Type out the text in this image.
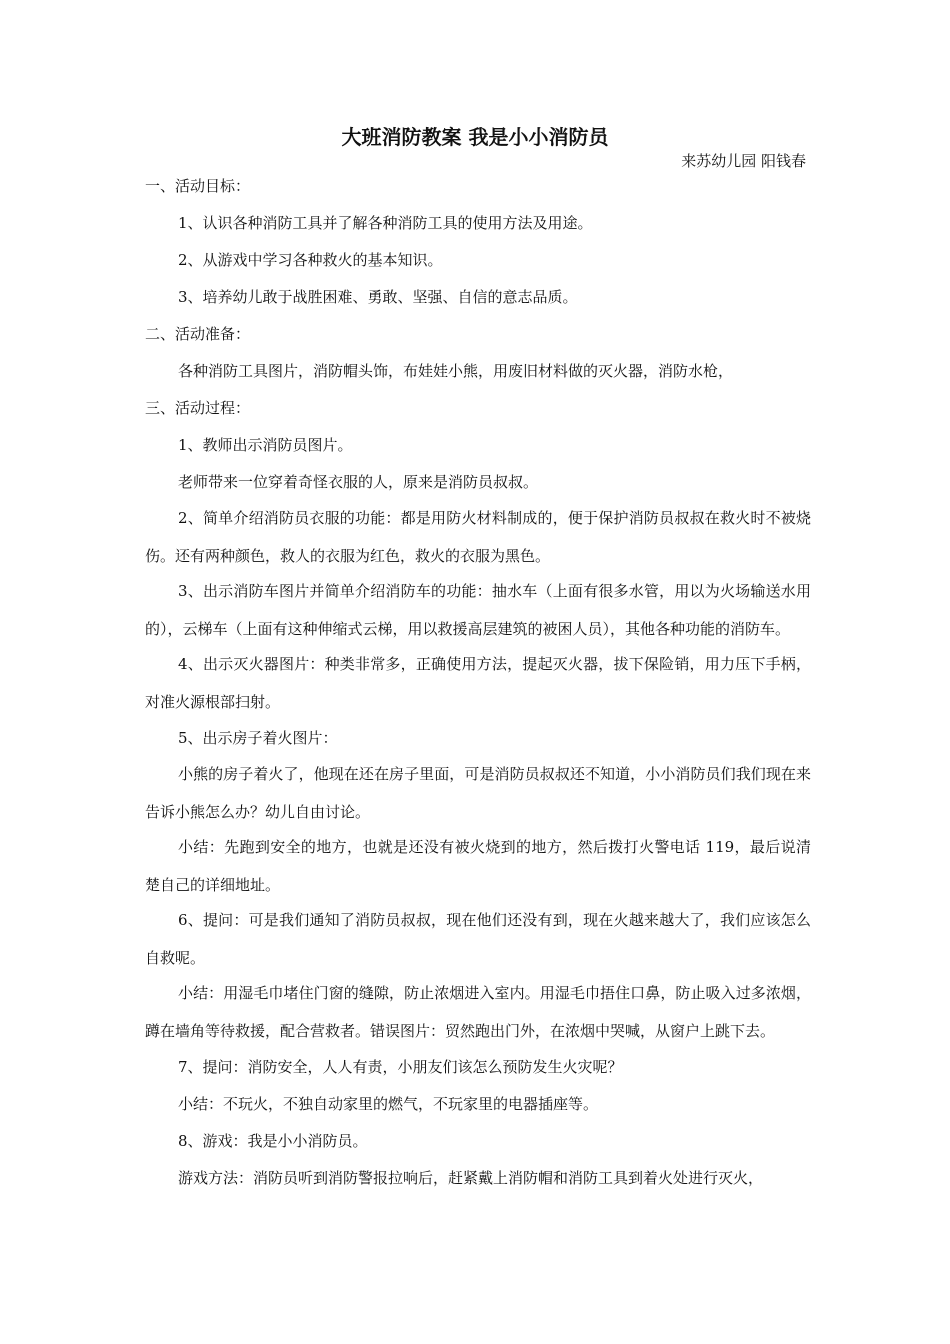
大班消防教案 我是小小消防员
来苏幼儿园 阳钱春

一、活动目标：

1、认识各种消防工具并了解各种消防工具的使用方法及用途。

2、从游戏中学习各种救火的基本知识。

3、培养幼儿敢于战胜困难、勇敢、坚强、自信的意志品质。

二、活动准备：

各种消防工具图片，消防帽头饰，布娃娃小熊，用废旧材料做的灭火器，消防水枪，

三、活动过程：

1、教师出示消防员图片。

老师带来一位穿着奇怪衣服的人，原来是消防员叔叔。

2、简单介绍消防员衣服的功能：都是用防火材料制成的，便于保护消防员叔叔在救火时不被烧伤。还有两种颜色，救人的衣服为红色，救火的衣服为黑色。

3、出示消防车图片并简单介绍消防车的功能：抽水车（上面有很多水管，用以为火场输送水用的），云梯车（上面有这种伸缩式云梯，用以救援高层建筑的被困人员），其他各种功能的消防车。

4、出示灭火器图片：种类非常多，正确使用方法，提起灭火器，拔下保险销，用力压下手柄，对准火源根部扫射。

5、出示房子着火图片：

小熊的房子着火了，他现在还在房子里面，可是消防员叔叔还不知道，小小消防员们我们现在来告诉小熊怎么办？幼儿自由讨论。

小结：先跑到安全的地方，也就是还没有被火烧到的地方，然后拨打火警电话 119，最后说清楚自己的详细地址。

6、提问：可是我们通知了消防员叔叔，现在他们还没有到，现在火越来越大了，我们应该怎么自救呢。

小结：用湿毛巾堵住门窗的缝隙，防止浓烟进入室内。用湿毛巾捂住口鼻，防止吸入过多浓烟，蹲在墙角等待救援，配合营救者。错误图片：贸然跑出门外，在浓烟中哭喊，从窗户上跳下去。

7、提问：消防安全，人人有责，小朋友们该怎么预防发生火灾呢？

小结：不玩火，不独自动家里的燃气，不玩家里的电器插座等。

8、游戏：我是小小消防员。

游戏方法：消防员听到消防警报拉响后，赶紧戴上消防帽和消防工具到着火处进行灭火，
